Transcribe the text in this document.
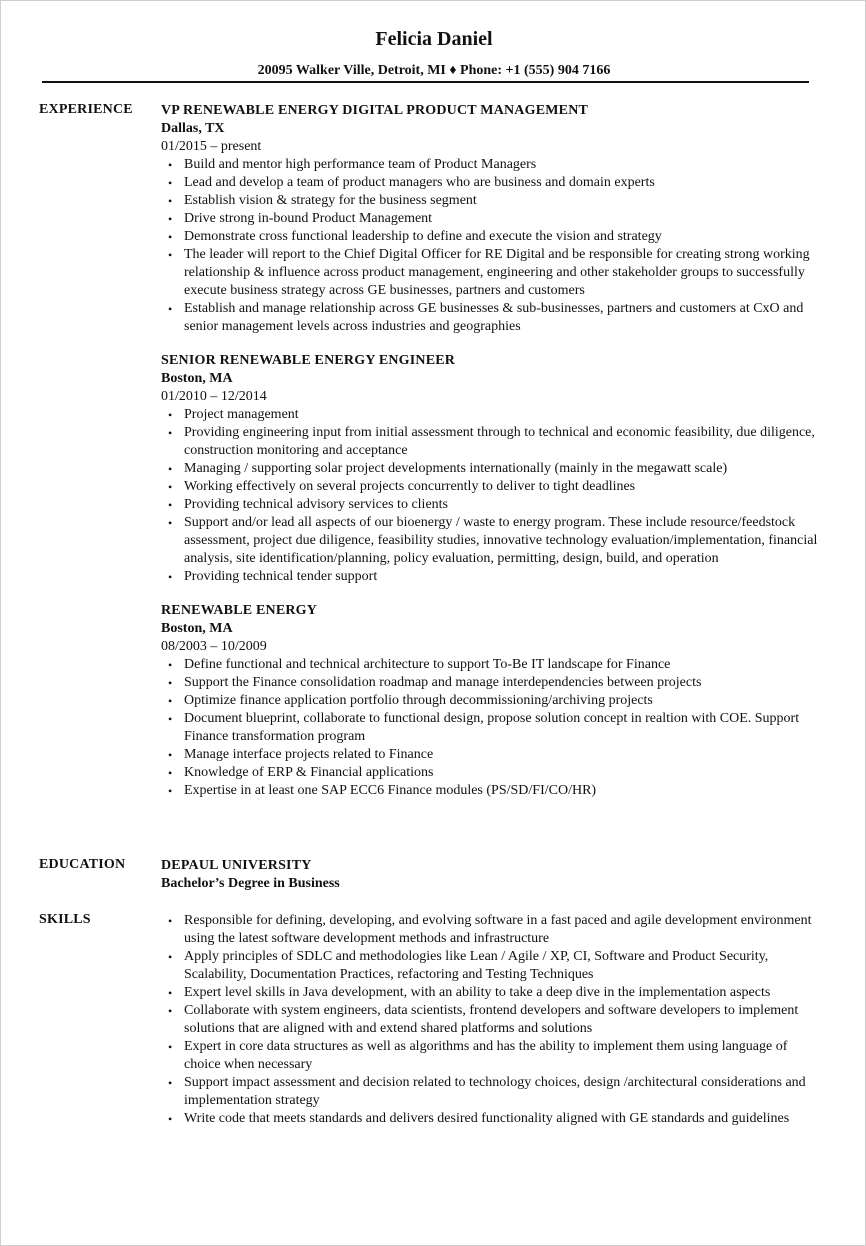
Felicia Daniel
20095 Walker Ville, Detroit, MI ♦ Phone: +1 (555) 904 7166
EXPERIENCE VP RENEWABLE ENERGY DIGITAL PRODUCT MANAGEMENT
Dallas, TX
01/2015 – present
• Build and mentor high performance team of Product Managers
• Lead and develop a team of product managers who are business and domain experts
• Establish vision & strategy for the business segment
• Drive strong in-bound Product Management
• Demonstrate cross functional leadership to define and execute the vision and strategy
• The leader will report to the Chief Digital Officer for RE Digital and be responsible for creating strong working relationship & influence across product management, engineering and other stakeholder groups to successfully execute business strategy across GE businesses, partners and customers
• Establish and manage relationship across GE businesses & sub-businesses, partners and customers at CxO and senior management levels across industries and geographies
SENIOR RENEWABLE ENERGY ENGINEER
Boston, MA
01/2010 – 12/2014
• Project management
• Providing engineering input from initial assessment through to technical and economic feasibility, due diligence, construction monitoring and acceptance
• Managing / supporting solar project developments internationally (mainly in the megawatt scale)
• Working effectively on several projects concurrently to deliver to tight deadlines
• Providing technical advisory services to clients
• Support and/or lead all aspects of our bioenergy / waste to energy program. These include resource/feedstock assessment, project due diligence, feasibility studies, innovative technology evaluation/implementation, financial analysis, site identification/planning, policy evaluation, permitting, design, build, and operation
• Providing technical tender support
RENEWABLE ENERGY
Boston, MA
08/2003 – 10/2009
• Define functional and technical architecture to support To-Be IT landscape for Finance
• Support the Finance consolidation roadmap and manage interdependencies between projects
• Optimize finance application portfolio through decommissioning/archiving projects
• Document blueprint, collaborate to functional design, propose solution concept in realtion with COE. Support Finance transformation program
• Manage interface projects related to Finance
• Knowledge of ERP & Financial applications
• Expertise in at least one SAP ECC6 Finance modules (PS/SD/FI/CO/HR)
EDUCATION	DEPAUL UNIVERSITY
Bachelor’s Degree in Business
SKILLS
•	Responsible for defining, developing, and evolving software in a fast paced and agile development environment using the latest software development methods and infrastructure
• Apply principles of SDLC and methodologies like Lean / Agile / XP, CI, Software and Product Security, Scalability, Documentation Practices, refactoring and Testing Techniques
• Expert level skills in Java development, with an ability to take a deep dive in the implementation aspects
• Collaborate with system engineers, data scientists, frontend developers and software developers to implement solutions that are aligned with and extend shared platforms and solutions
• Expert in core data structures as well as algorithms and has the ability to implement them using language of choice when necessary
• Support impact assessment and decision related to technology choices, design /architectural considerations and implementation strategy
• Write code that meets standards and delivers desired functionality aligned with GE standards and guidelines
